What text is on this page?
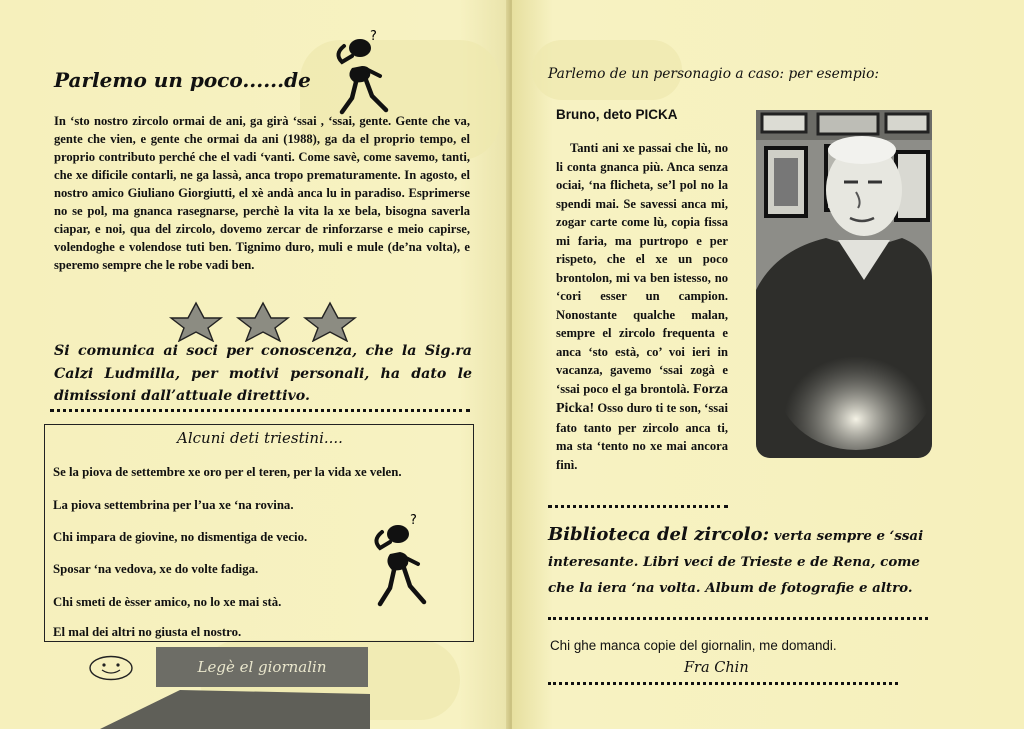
Parlemo un poco......de
?
In ‘sto nostro zircolo ormai de ani, ga girà ‘ssai , ‘ssai, gente. Gente che va, gente che vien, e gente che ormai da ani (1988), ga da el proprio tempo, el proprio contributo perché che el vadi ‘vanti. Come savè, come savemo, tanti, che xe dificile contarli, ne ga lassà, anca tropo prematuramente. In agosto, el nostro amico Giuliano Giorgiutti, el xè andà anca lu in paradiso. Esprimerse no se pol, ma gnanca rasegnarse, perchè la vita la xe bela, bisogna saverla ciapar, e noi, qua del zircolo, dovemo zercar de rinforzarse e meio capirse, volendoghe e volendose tuti ben. Tignimo duro, muli e mule (de’na volta), e speremo sempre che le robe vadi ben.
Si comunica ai soci per conoscenza, che la Sig.ra Calzi Ludmilla, per motivi personali, ha dato le dimissioni dall’attuale direttivo.
Alcuni deti triestini....
Se la piova de settembre xe oro per el teren, per la vida xe velen.
La piova settembrina per l’ua xe ‘na rovina.
Chi impara de giovine, no dismentiga de vecio.
Sposar ‘na vedova, xe do volte fadiga.
Chi smeti de èsser amico, no lo xe mai stà.
El mal dei altri no giusta el nostro.
?
Legè el giornalin
Parlemo de un personagio a caso: per esempio:
Bruno, deto PICKA
Tanti ani xe passai che lù, no li conta gnanca più. Anca senza ociai, ‘na flicheta, se’l pol no la spendi mai. Se savessi anca mi, zogar carte come lù, copia fissa mi faria, ma purtropo e per rispeto, che el xe un poco brontolon, mi va ben istesso, no ‘cori esser un campion. Nonostante qualche malan, sempre el zircolo frequenta e anca ‘sto està, co’ voi ieri in vacanza, gavemo ‘ssai zogà e ‘ssai poco el ga brontolà. Forza Picka! Osso duro ti te son, ‘ssai fato tanto per zircolo anca ti, ma sta ‘tento no xe mai ancora finì.
Biblioteca del zircolo: verta sempre e ‘ssai interesante. Libri veci de Trieste e de Rena, come che la iera ‘na volta. Album de fotografie e altro.
Chi ghe manca copie del giornalin, me domandi.
Fra Chin
